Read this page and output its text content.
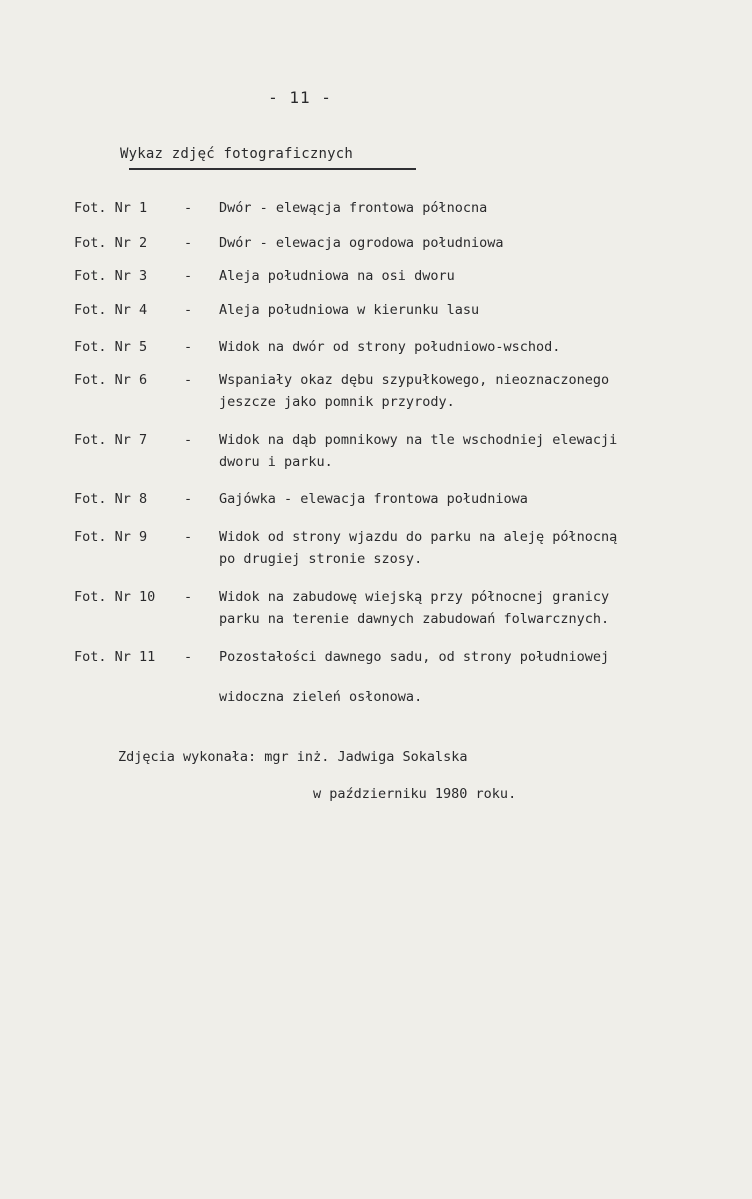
- 11 -
Wykaz zdjęć fotograficznych
Fot. Nr 1	- Dwór - elewącja frontowa północna
Fot. Nr 2	- Dwór - elewacja ogrodowa południowa
Fot. Nr 3	- Aleja południowa na osi dworu
Fot. Nr 4	- Aleja południowa w kierunku lasu
Fot. Nr 5	- Widok na dwór od strony południowo-wschod.
Fot. Nr 6	- Wspaniały okaz dębu szypułkowego, nieoznaczonego
jeszcze jako pomnik przyrody.
Fot. Nr 7	- Widok na dąb pomnikowy na tle wschodniej elewacji
dworu i parku.
Fot. Nr 8	- Gajówka - elewacja frontowa południowa
Fot. Nr 9	- Widok od strony wjazdu do parku na aleję północną
po drugiej stronie szosy.
Fot. Nr 10 - Widok na zabudowę wiejską przy północnej granicy
parku na terenie dawnych zabudowań folwarcznych.
Fot. Nr 11 - Pozostałości dawnego sadu, od strony południowej
widoczna zieleń osłonowa.
Zdjęcia wykonała: mgr inż. Jadwiga Sokalska
w październiku 1980 roku.
